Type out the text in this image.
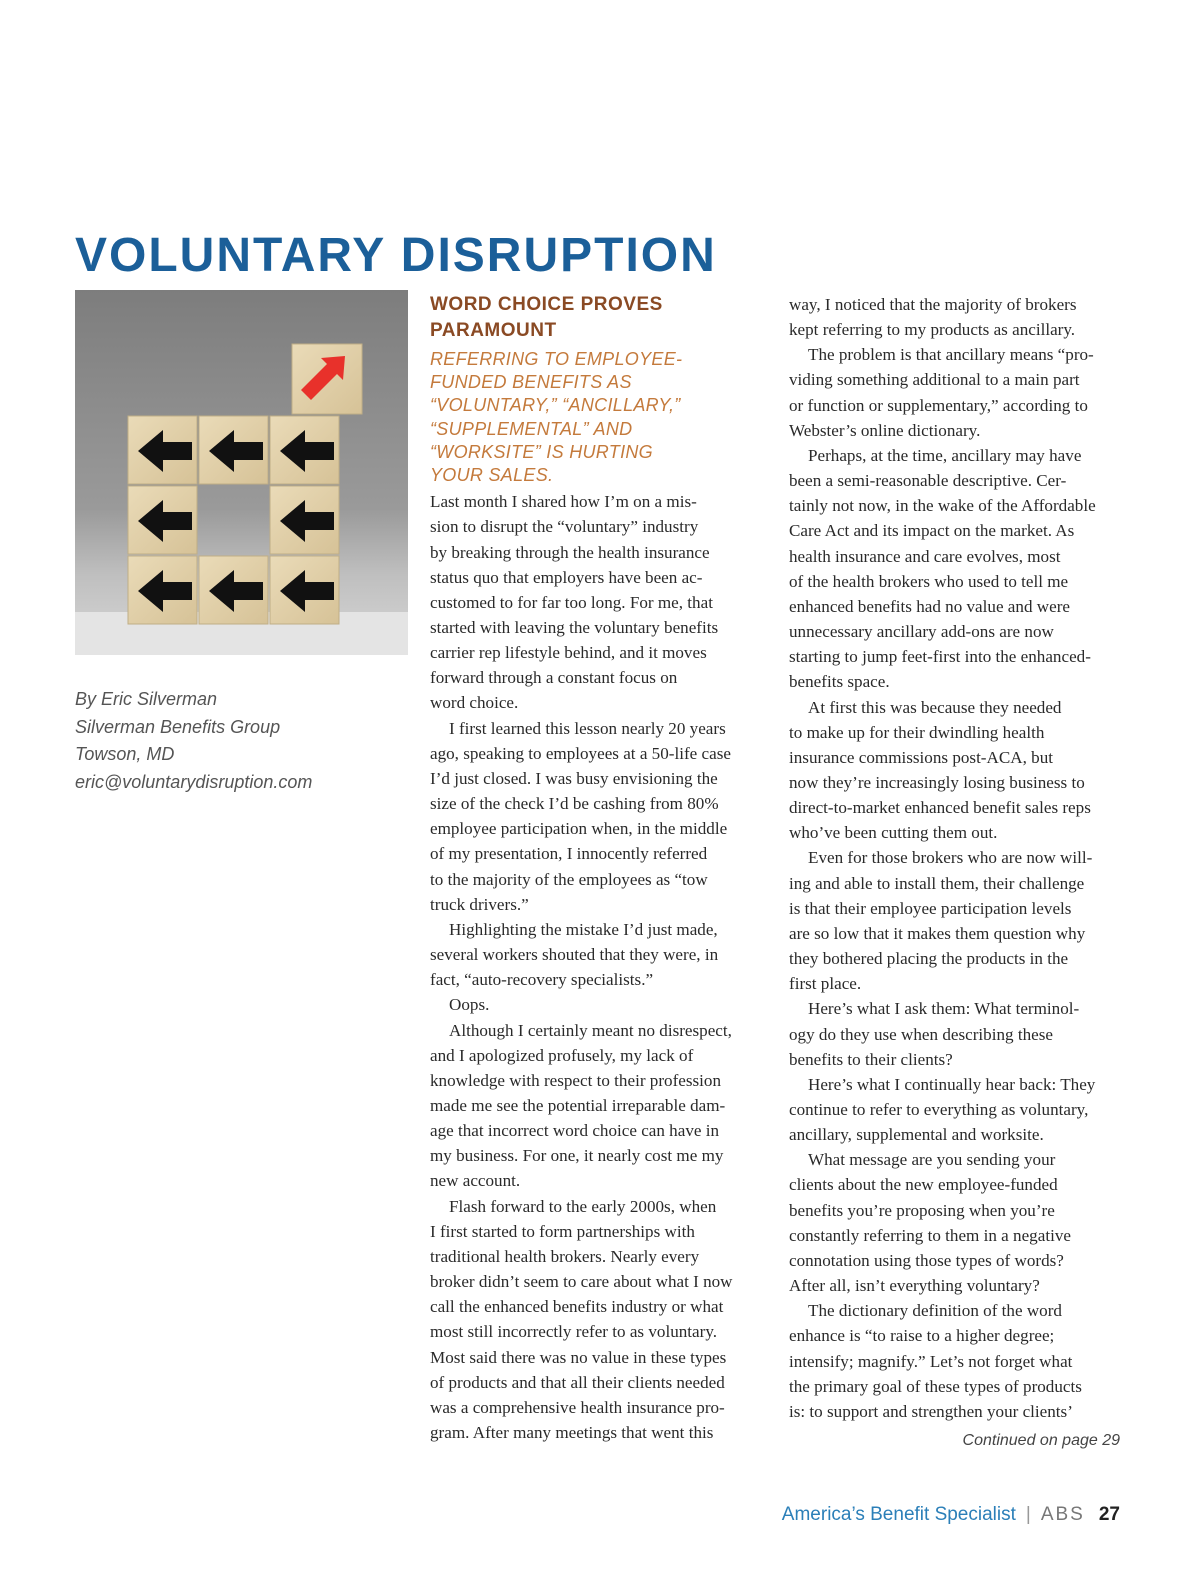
VOLUNTARY DISRUPTION
By Eric Silverman
Silverman Benefits Group
Towson, MD
eric@voluntarydisruption.com
WORD CHOICE PROVES
PARAMOUNT
REFERRING TO EMPLOYEE-
FUNDED BENEFITS AS
“VOLUNTARY,” “ANCILLARY,”
“SUPPLEMENTAL” AND
“WORKSITE” IS HURTING
YOUR SALES.
Last month I shared how I’m on a mis-
sion to disrupt the “voluntary” industry
by breaking through the health insurance
status quo that employers have been ac-
customed to for far too long. For me, that
started with leaving the voluntary benefits
carrier rep lifestyle behind, and it moves
forward through a constant focus on
word choice.
I first learned this lesson nearly 20 years
ago, speaking to employees at a 50-life case
I’d just closed. I was busy envisioning the
size of the check I’d be cashing from 80%
employee participation when, in the middle
of my presentation, I innocently referred
to the majority of the employees as “tow
truck drivers.”
Highlighting the mistake I’d just made,
several workers shouted that they were, in
fact, “auto-recovery specialists.”
Oops.
Although I certainly meant no disrespect,
and I apologized profusely, my lack of
knowledge with respect to their profession
made me see the potential irreparable dam-
age that incorrect word choice can have in
my business. For one, it nearly cost me my
new account.
Flash forward to the early 2000s, when
I first started to form partnerships with
traditional health brokers. Nearly every
broker didn’t seem to care about what I now
call the enhanced benefits industry or what
most still incorrectly refer to as voluntary.
Most said there was no value in these types
of products and that all their clients needed
was a comprehensive health insurance pro-
gram. After many meetings that went this
way, I noticed that the majority of brokers
kept referring to my products as ancillary.
The problem is that ancillary means “pro-
viding something additional to a main part
or function or supplementary,” according to
Webster’s online dictionary.
Perhaps, at the time, ancillary may have
been a semi-reasonable descriptive. Cer-
tainly not now, in the wake of the Affordable
Care Act and its impact on the market. As
health insurance and care evolves, most
of the health brokers who used to tell me
enhanced benefits had no value and were
unnecessary ancillary add-ons are now
starting to jump feet-first into the enhanced-
benefits space.
At first this was because they needed
to make up for their dwindling health
insurance commissions post-ACA, but
now they’re increasingly losing business to
direct-to-market enhanced benefit sales reps
who’ve been cutting them out.
Even for those brokers who are now will-
ing and able to install them, their challenge
is that their employee participation levels
are so low that it makes them question why
they bothered placing the products in the
first place.
Here’s what I ask them: What terminol-
ogy do they use when describing these
benefits to their clients?
Here’s what I continually hear back: They
continue to refer to everything as voluntary,
ancillary, supplemental and worksite.
What message are you sending your
clients about the new employee-funded
benefits you’re proposing when you’re
constantly referring to them in a negative
connotation using those types of words?
After all, isn’t everything voluntary?
The dictionary definition of the word
enhance is “to raise to a higher degree;
intensify; magnify.” Let’s not forget what
the primary goal of these types of products
is: to support and strengthen your clients’
Continued on page 29
America’s Benefit Specialist | ABS 27
